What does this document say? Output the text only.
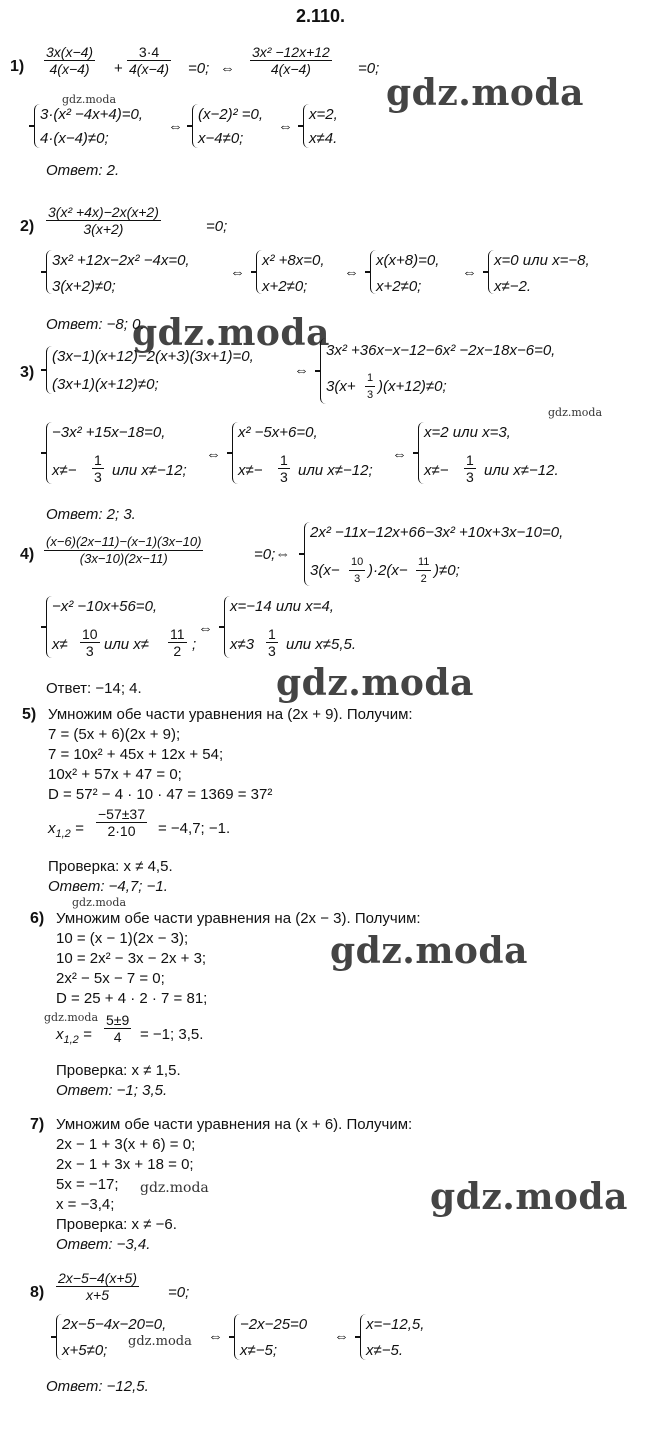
2.110.
gdz.moda
gdz.moda
gdz.moda
gdz.moda
gdz.moda
gdz.moda
gdz.moda
gdz.moda
gdz.moda	gdz.moda
gdz.moda
$1) \frac{3x(x-4)}{4(x-4)} + \frac{3\cdot 4}{4(x-4)} =0$; ⇔ $\frac{\text{3x² −12x+12}}{4(x-4)} =0$;
3·(x² −4x+4)=0,
4·(x−4)≠0;
⇔
(x−2)² =0,
x−4≠0;
⇔
x=2,
x≠4.
Ответ: 2.
$2) \frac{\text{3(x² +4x)−2x(x+2)}}{3(x+2)}$	=0;
3x² +12x−2x² −4x=0,
3(x+2)≠0;
⇔
x² +8x=0,
x+2≠0;
⇔
x(x+8)=0,
x+2≠0;
⇔
x=0 или x=−8,
x≠−2.
Ответ: −8; 0.
3)
(3x−1)(x+12)−2(x+3)(3x+1)=0,
(3x+1)(x+12)≠0;
⇔
3x² +36x−x−12−6x² −2x−18x−6=0,
$3(x+ \frac{1}{3} )(x+12)\ne 0$;
−3x² +15x−18=0,
$x\ne- \frac{1}{3}$ или x≠−12;
⇔
x² −5x+6=0,
$x\ne- \frac{1}{3}$ или x≠−12;
⇔
x=2 или x=3,
$x\ne- \frac{1}{3}$ или x≠−12.
Ответ: 2; 3.
$4) \frac{(x-6)(2x-11)-(x-1)(3x-10)}{(3x-10)(2x-11)}$	=0;⇔
2x² −11x−12x+66−3x² +10x+3x−10=0,
$3(x- \frac{10}{3} )\cdot 2(x- \frac{11}{2} )\ne 0$;
−x² −10x+56=0,
$x\ne \frac{10}{3}$ или $x\ne \frac{11}{2}$ ;
⇔
x=−14 или x=4,
$x\ne 3 \frac{1}{3}$ или x≠5,5.
Ответ: −14; 4.
5) Умножим обе части уравнения на (2x + 9). Получим:
7 = (5x + 6)(2x + 9);
7 = 10x² + 45x + 12x + 54;
10x² + 57x + 47 = 0;
D = 57² − 4 · 10 · 47 = 1369 = 37²
$x_{1,2} = \frac{-57\pm 37}{2\cdot 10} = -4,7$; −1.
Проверка: x ≠ 4,5.
Ответ: −4,7; −1.
6) Умножим обе части уравнения на (2x − 3). Получим:
10 = (x − 1)(2x − 3);
10 = 2x² − 3x − 2x + 3;
2x² − 5x − 7 = 0;
D = 25 + 4 · 2 · 7 = 81;
$x_{1,2} = \frac{5\pm 9}{4} = -1$; 3,5.
Проверка: x ≠ 1,5.
Ответ: −1; 3,5.
7) Умножим обе части уравнения на (x + 6). Получим:
2x − 1 + 3(x + 6) = 0;
2x − 1 + 3x + 18 = 0;
5x = −17;
x = −3,4;
Проверка: x ≠ −6.
Ответ: −3,4.
$8) \frac{2x-5-4(x+5)}{x+5} =0$;
2x−5−4x−20=0,
x+5≠0;
⇔
−2x−25=0
x≠−5;
⇔
x=−12,5,
x≠−5.
Ответ: −12,5.
